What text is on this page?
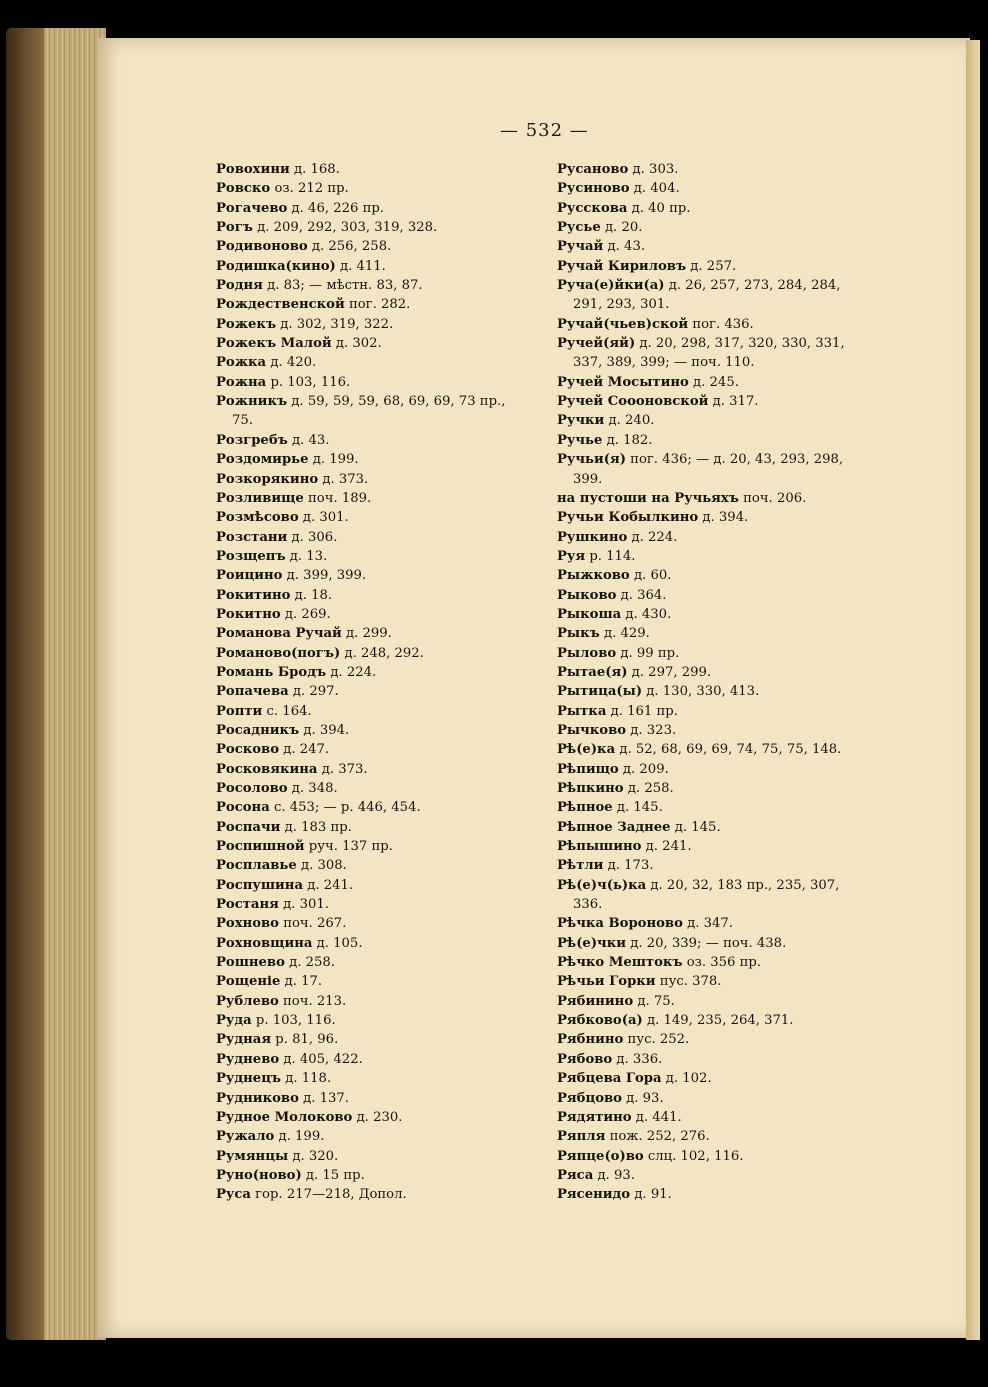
— 532 —
Ровохини д. 168.
Ровско оз. 212 пр.
Рогачево д. 46, 226 пр.
Рогъ д. 209, 292, 303, 319, 328.
Родивоново д. 256, 258.
Родишка(кино) д. 411.
Родня д. 83; — мѣстн. 83, 87.
Рождественской пог. 282.
Рожекъ д. 302, 319, 322.
Рожекъ Малой д. 302.
Рожка д. 420.
Рожна р. 103, 116.
Рожникъ д. 59, 59, 59, 68, 69, 69, 73 пр.,
75.
Розгребъ д. 43.
Роздомирье д. 199.
Розкорякино д. 373.
Розливище поч. 189.
Розмѣсово д. 301.
Розстани д. 306.
Розщепъ д. 13.
Роицино д. 399, 399.
Рокитино д. 18.
Рокитно д. 269.
Романова Ручай д. 299.
Романово(погъ) д. 248, 292.
Романь Бродъ д. 224.
Ропачева д. 297.
Ропти с. 164.
Росадникъ д. 394.
Росково д. 247.
Росковякина д. 373.
Росолово д. 348.
Росона с. 453; — р. 446, 454.
Роспачи д. 183 пр.
Роспишной руч. 137 пр.
Росплавье д. 308.
Роспушина д. 241.
Ростаня д. 301.
Рохново поч. 267.
Рохновщина д. 105.
Рошнево д. 258.
Рощеніе д. 17.
Рублево поч. 213.
Руда р. 103, 116.
Рудная р. 81, 96.
Руднево д. 405, 422.
Руднецъ д. 118.
Рудниково д. 137.
Рудное Молоково д. 230.
Ружало д. 199.
Румянцы д. 320.
Руно(ново) д. 15 пр.
Руса гор. 217—218, Допол.
Русаново д. 303.
Русиново д. 404.
Русскова д. 40 пр.
Русье д. 20.
Ручай д. 43.
Ручай Кириловъ д. 257.
Руча(е)йки(а) д. 26, 257, 273, 284, 284,
291, 293, 301.
Ручай(чьев)ской пог. 436.
Ручей(яй) д. 20, 298, 317, 320, 330, 331,
337, 389, 399; — поч. 110.
Ручей Мосытино д. 245.
Ручей Соооновской д. 317.
Ручки д. 240.
Ручье д. 182.
Ручьи(я) пог. 436; — д. 20, 43, 293, 298,
399.
на пустоши на Ручьяхъ поч. 206.
Ручьи Кобылкино д. 394.
Рушкино д. 224.
Руя р. 114.
Рыжково д. 60.
Рыково д. 364.
Рыкоша д. 430.
Рыкъ д. 429.
Рылово д. 99 пр.
Рытае(я) д. 297, 299.
Рытица(ы) д. 130, 330, 413.
Рытка д. 161 пр.
Рычково д. 323.
Рѣ(е)ка д. 52, 68, 69, 69, 74, 75, 75, 148.
Рѣпищо д. 209.
Рѣпкино д. 258.
Рѣпное д. 145.
Рѣпное Заднее д. 145.
Рѣпышино д. 241.
Рѣтли д. 173.
Рѣ(е)ч(ь)ка д. 20, 32, 183 пр., 235, 307,
336.
Рѣчка Вороново д. 347.
Рѣ(е)чки д. 20, 339; — поч. 438.
Рѣчко Мештокъ оз. 356 пр.
Рѣчьи Горки пус. 378.
Рябинино д. 75.
Рябково(а) д. 149, 235, 264, 371.
Рябнино пус. 252.
Рябово д. 336.
Рябцева Гора д. 102.
Рябцово д. 93.
Рядятино д. 441.
Ряпля пож. 252, 276.
Ряпце(о)во слц. 102, 116.
Ряса д. 93.
Рясенидо д. 91.
